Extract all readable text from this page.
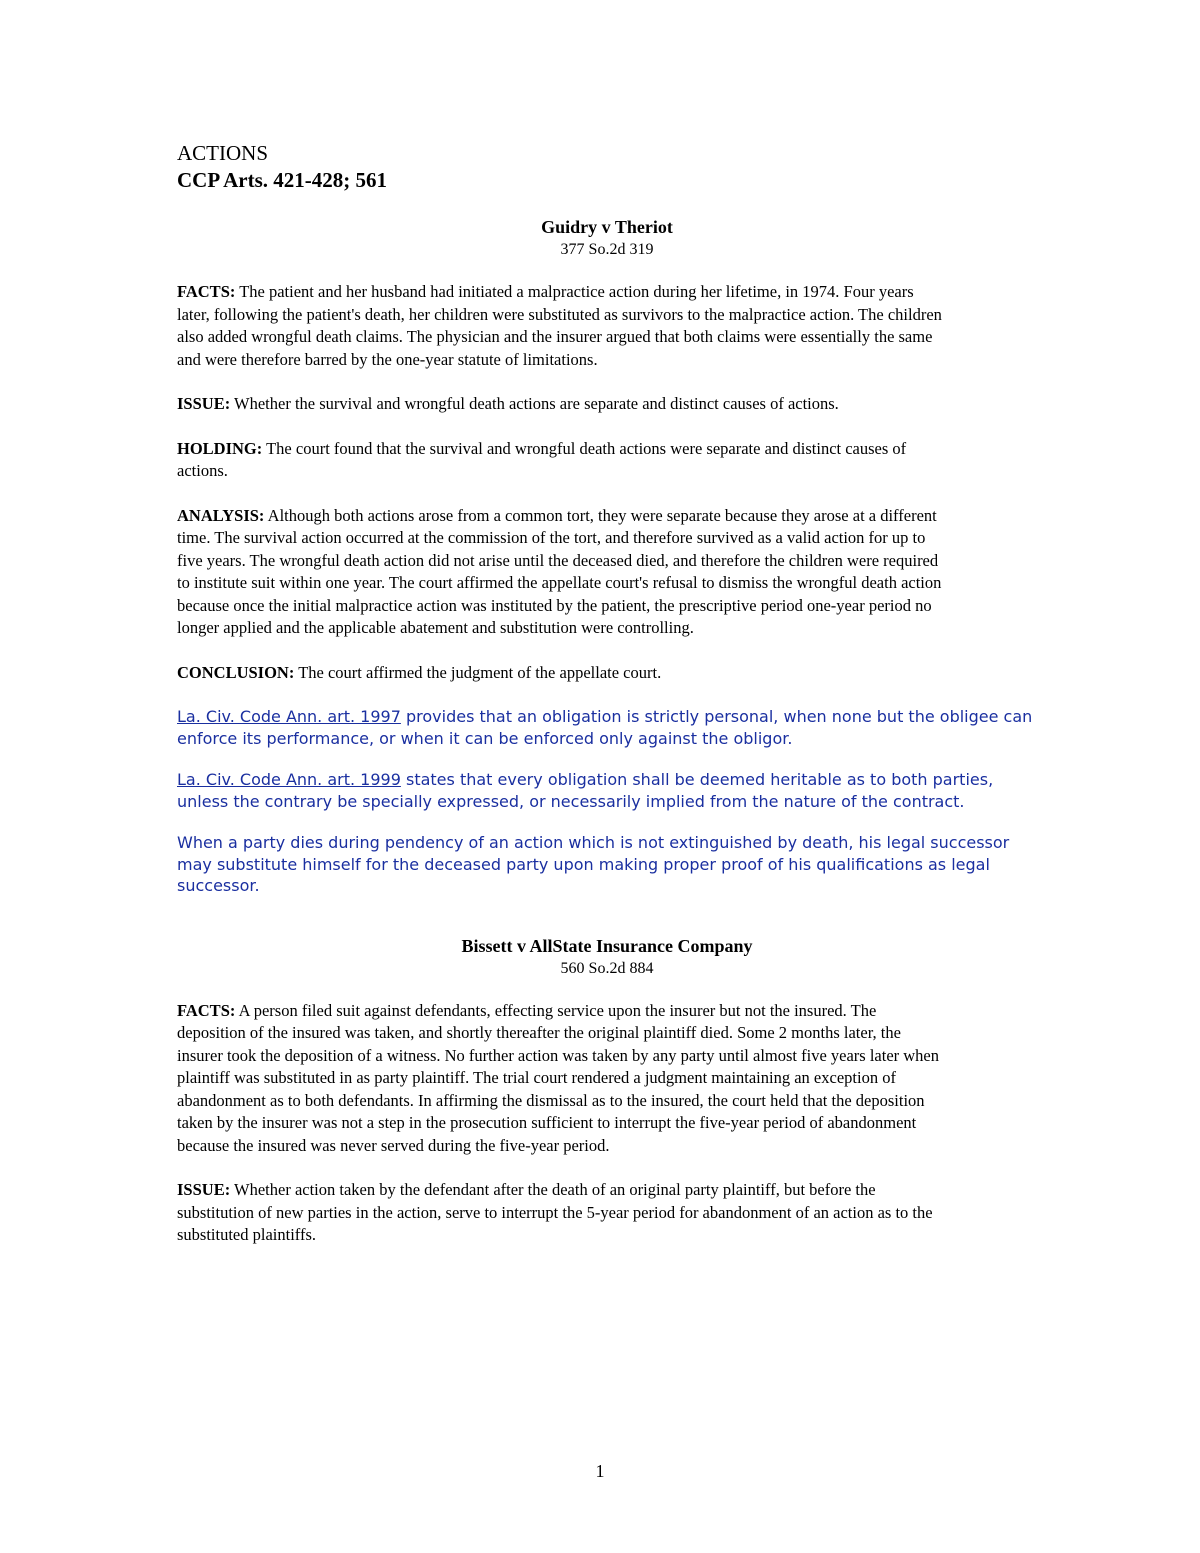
ACTIONS
CCP Arts. 421-428; 561

Guidry v Theriot

377 So.2d 319

FACTS: The patient and her husband had initiated a malpractice action during her lifetime, in 1974. Four years later, following the patient's death, her children were substituted as survivors to the malpractice action. The children also added wrongful death claims. The physician and the insurer argued that both claims were essentially the same and were therefore barred by the one-year statute of limitations.

ISSUE: Whether the survival and wrongful death actions are separate and distinct causes of actions.

HOLDING: The court found that the survival and wrongful death actions were separate and distinct causes of actions.

ANALYSIS: Although both actions arose from a common tort, they were separate because they arose at a different time. The survival action occurred at the commission of the tort, and therefore survived as a valid action for up to five years. The wrongful death action did not arise until the deceased died, and therefore the children were required to institute suit within one year. The court affirmed the appellate court's refusal to dismiss the wrongful death action because once the initial malpractice action was instituted by the patient, the prescriptive period one-year period no longer applied and the applicable abatement and substitution were controlling.

CONCLUSION: The court affirmed the judgment of the appellate court.

La. Civ. Code Ann. art. 1997 provides that an obligation is strictly personal, when none but the obligee can enforce its performance, or when it can be enforced only against the obligor.

La. Civ. Code Ann. art. 1999 states that every obligation shall be deemed heritable as to both parties, unless the contrary be specially expressed, or necessarily implied from the nature of the contract.

When a party dies during pendency of an action which is not extinguished by death, his legal successor may substitute himself for the deceased party upon making proper proof of his qualifications as legal successor.

Bissett v AllState Insurance Company

560 So.2d 884

FACTS: A person filed suit against defendants, effecting service upon the insurer but not the insured. The deposition of the insured was taken, and shortly thereafter the original plaintiff died. Some 2 months later, the insurer took the deposition of a witness. No further action was taken by any party until almost five years later when plaintiff was substituted in as party plaintiff. The trial court rendered a judgment maintaining an exception of abandonment as to both defendants. In affirming the dismissal as to the insured, the court held that the deposition taken by the insurer was not a step in the prosecution sufficient to interrupt the five-year period of abandonment because the insured was never served during the five-year period.

ISSUE: Whether action taken by the defendant after the death of an original party plaintiff, but before the substitution of new parties in the action, serve to interrupt the 5-year period for abandonment of an action as to the substituted plaintiffs.

1
